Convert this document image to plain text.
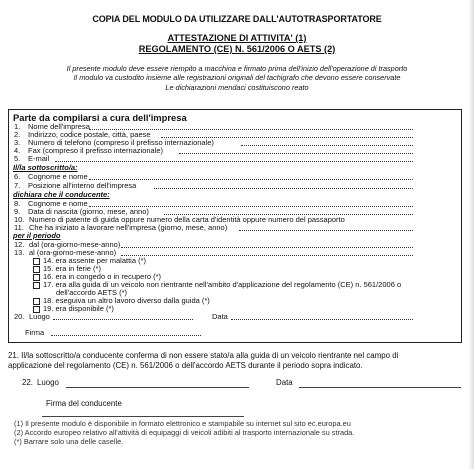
COPIA DEL MODULO DA UTILIZZARE DALL'AUTOTRASPORTATORE
ATTESTAZIONE DI ATTIVITA' (1)
REGOLAMENTO (CE) N. 561/2006 O AETS (2)
Il presente modulo deve essere riempito a macchina e firmato prima dell'inizio dell'operazione di trasporto
Il modulo va custodito insieme alle registrazioni originali del tachigrafo che devono essere conservate
Le dichiarazioni mendaci costituiscono reato
Parte da compilarsi a cura dell'impresa
1. Nome dell'impresa
2. Indirizzo, codice postale, città, paese
3. Numero di telefono (compreso il prefisso internazionale)
4. Fax (compreso il prefisso internazionale)
5. E-mail
Il/la sottoscritto/a:
6. Cognome e nome
7. Posizione all'interno dell'impresa
dichiara che il conducente:
8. Cognome e nome
9. Data di nascita (giorno, mese, anno)
10. Numero di patente di guida oppure numero della carta d'identità oppure numero del passaporto
11. Che ha iniziato a lavorare nell'impresa (giorno, mese, anno)
per il periodo
12. dal (ora-giorno-mese-anno)
13. al (ora-giorno-mese-anno)
14. era assente per malattia (*)
15. era in ferie (*)
16. era in congedo o in recupero (*)
17. era alla guida di un veicolo non rientrante nell'ambito d'applicazione del regolamento (CE) n. 561/2006 o
dell'accordo AETS (*)
18. eseguiva un altro lavoro diverso dalla guida (*)
19. era disponibile (*)
20. Luogo	Data
Firma
21. Il/la sottoscritto/a conducente conferma di non essere stato/a alla guida di un veicolo rientrante nel campo di
applicazione del regolamento (CE) n. 561/2006 o dell'accordo AETS durante il periodo sopra indicato.
22. Luogo	Data
Firma del conducente
(1) Il presente modulo è disponibile in formato elettronico e stampabile su internet sul sito ec.europa.eu
(2) Accordo europeo relativo all'attività di equipaggi di veicoli adibiti al trasporto internazionale su strada.
(*) Barrare solo una delle caselle.
